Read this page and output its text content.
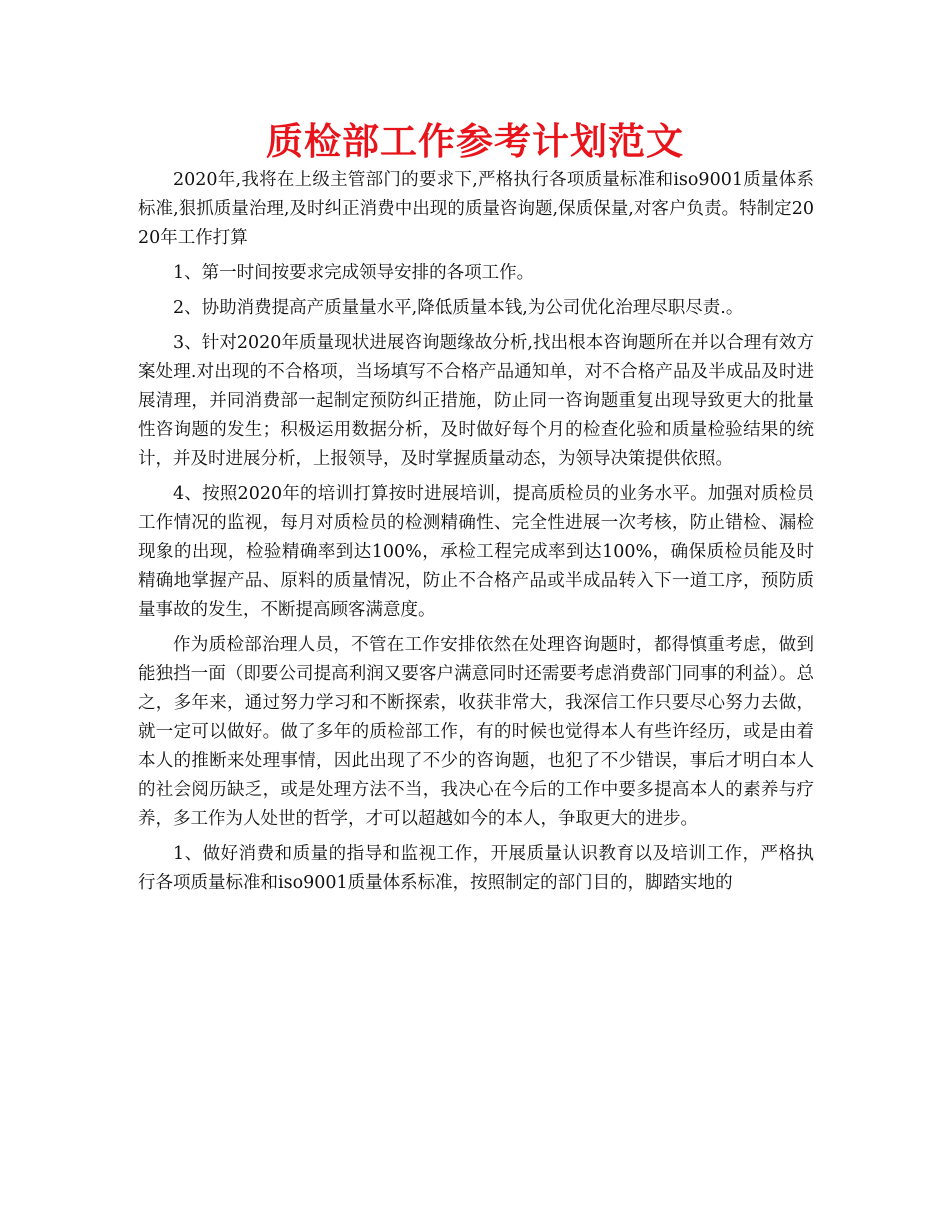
质检部工作参考计划范文

2020年,我将在上级主管部门的要求下,严格执行各项质量标准和iso9001质量体系标准,狠抓质量治理,及时纠正消费中出现的质量咨询题,保质保量,对客户负责。特制定2020年工作打算

1、第一时间按要求完成领导安排的各项工作。

2、协助消费提高产质量量水平,降低质量本钱,为公司优化治理尽职尽责.。

3、针对2020年质量现状进展咨询题缘故分析,找出根本咨询题所在并以合理有效方案处理.对出现的不合格项，当场填写不合格产品通知单，对不合格产品及半成品及时进展清理，并同消费部一起制定预防纠正措施，防止同一咨询题重复出现导致更大的批量性咨询题的发生；积极运用数据分析，及时做好每个月的检查化验和质量检验结果的统计，并及时进展分析，上报领导，及时掌握质量动态，为领导决策提供依照。

4、按照2020年的培训打算按时进展培训，提高质检员的业务水平。加强对质检员工作情况的监视，每月对质检员的检测精确性、完全性进展一次考核，防止错检、漏检现象的出现，检验精确率到达100%，承检工程完成率到达100%，确保质检员能及时精确地掌握产品、原料的质量情况，防止不合格产品或半成品转入下一道工序，预防质量事故的发生，不断提高顾客满意度。

作为质检部治理人员，不管在工作安排依然在处理咨询题时，都得慎重考虑，做到能独挡一面（即要公司提高利润又要客户满意同时还需要考虑消费部门同事的利益）。总之，多年来，通过努力学习和不断探索，收获非常大，我深信工作只要尽心努力去做，就一定可以做好。做了多年的质检部工作，有的时候也觉得本人有些许经历，或是由着本人的推断来处理事情，因此出现了不少的咨询题，也犯了不少错误，事后才明白本人的社会阅历缺乏，或是处理方法不当，我决心在今后的工作中要多提高本人的素养与疗养，多工作为人处世的哲学，才可以超越如今的本人，争取更大的进步。

1、做好消费和质量的指导和监视工作，开展质量认识教育以及培训工作，严格执行各项质量标准和iso9001质量体系标准，按照制定的部门目的，脚踏实地的
